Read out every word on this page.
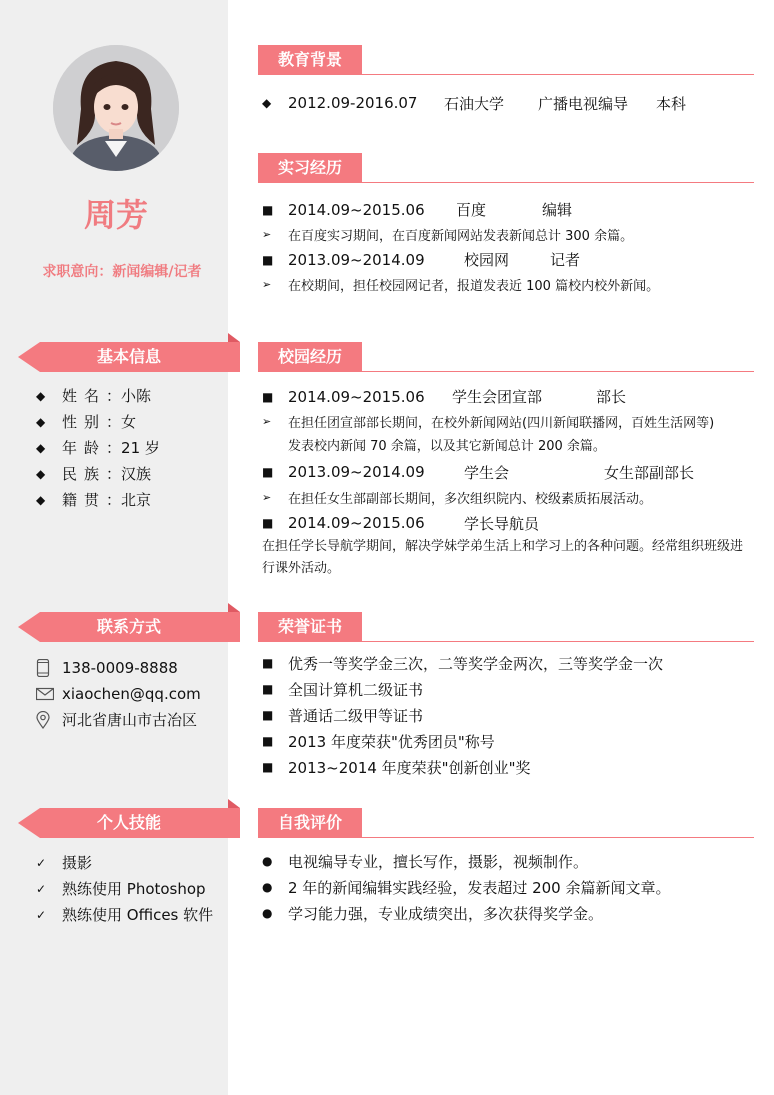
周芳
求职意向：新闻编辑/记者
基本信息
◆	姓名 ： 小陈
◆	性别 ： 女
◆	年龄 ： 21 岁
◆	民族 ： 汉族
◆	籍贯 ： 北京
联系方式
138-0009-8888
xiaochen@qq.com
河北省唐山市古冶区
个人技能
✓	摄影
✓	熟练使用 Photoshop
✓	熟练使用 Offices 软件
教育背景
◆	2012.09-2016.07	石油大学	广播电视编导	本科
实习经历
■ 2014.09~2015.06	百度	编辑
➢	在百度实习期间，在百度新闻网站发表新闻总计 300 余篇。
■ 2013.09~2014.09	校园网	记者
➢	在校期间，担任校园网记者，报道发表近 100 篇校内校外新闻。
校园经历
■ 2014.09~2015.06	学生会团宣部	部长
➢	在担任团宣部部长期间，在校外新闻网站(四川新闻联播网，百姓生活网等)
发表校内新闻 70 余篇，以及其它新闻总计 200 余篇。
■ 2013.09~2014.09	学生会	女生部副部长
➢	在担任女生部副部长期间，多次组织院内、校级素质拓展活动。
■ 2014.09~2015.06	学长导航员
在担任学长导航学期间，解决学妹学弟生活上和学习上的各种问题。经常组织班级进行课外活动。
荣誉证书
■ 优秀一等奖学金三次，二等奖学金两次，三等奖学金一次
■ 全国计算机二级证书
■ 普通话二级甲等证书
■ 2013 年度荣获"优秀团员"称号
■ 2013~2014 年度荣获"创新创业"奖
自我评价
●	电视编导专业，擅长写作，摄影，视频制作。
●	2 年的新闻编辑实践经验，发表超过 200 余篇新闻文章。
●	学习能力强，专业成绩突出，多次获得奖学金。
